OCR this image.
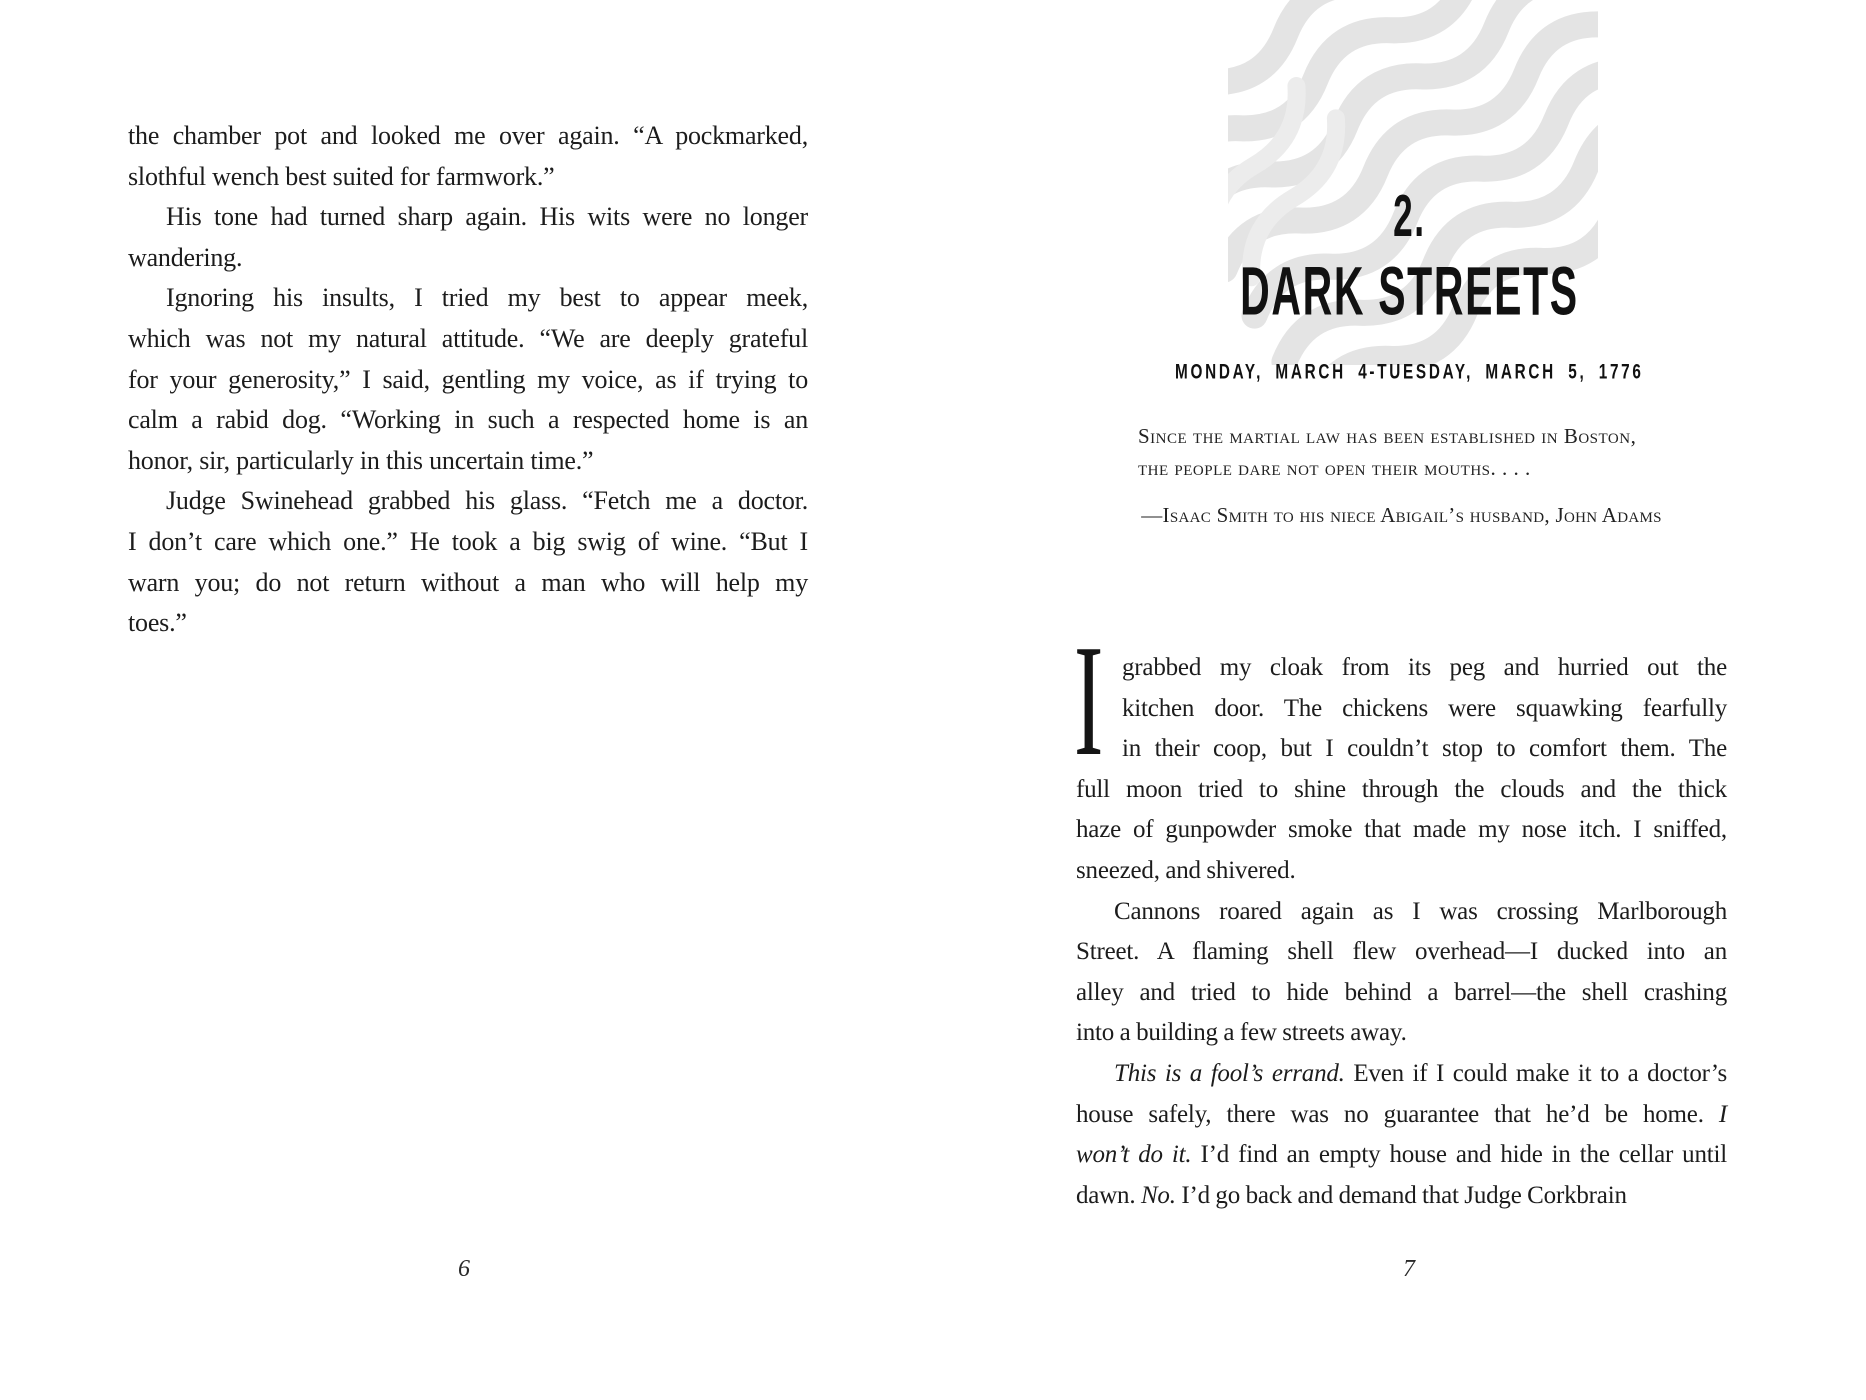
the chamber pot and looked me over again. “A pockmarked,
slothful wench best suited for farmwork.”
His tone had turned sharp again. His wits were no longer
wandering.
Ignoring his insults, I tried my best to appear meek,
which was not my natural attitude. “We are deeply grateful
for your generosity,” I said, gentling my voice, as if trying to
calm a rabid dog. “Working in such a respected home is an
honor, sir, particularly in this uncertain time.”
Judge Swinehead grabbed his glass. “Fetch me a doctor.
I don’t care which one.” He took a big swig of wine. “But I
warn you; do not return without a man who will help my
toes.”
6
2.
DARK STREETS
MONDAY, MARCH 4-TUESDAY, MARCH 5, 1776
Since the martial law has been established in Boston,
the people dare not open their mouths. . . .
—Isaac Smith to his niece Abigail’s husband, John Adams
I grabbed my cloak from its peg and hurried out the
kitchen door. The chickens were squawking fearfully
in their coop, but I couldn’t stop to comfort them. The
full moon tried to shine through the clouds and the thick
haze of gunpowder smoke that made my nose itch. I sniffed,
sneezed, and shivered.
Cannons roared again as I was crossing Marlborough
Street. A flaming shell flew overhead—I ducked into an
alley and tried to hide behind a barrel—the shell crashing
into a building a few streets away.
This is a fool’s errand. Even if I could make it to a doctor’s
house safely, there was no guarantee that he’d be home. I
won’t do it. I’d find an empty house and hide in the cellar until
dawn. No. I’d go back and demand that Judge Corkbrain
7
